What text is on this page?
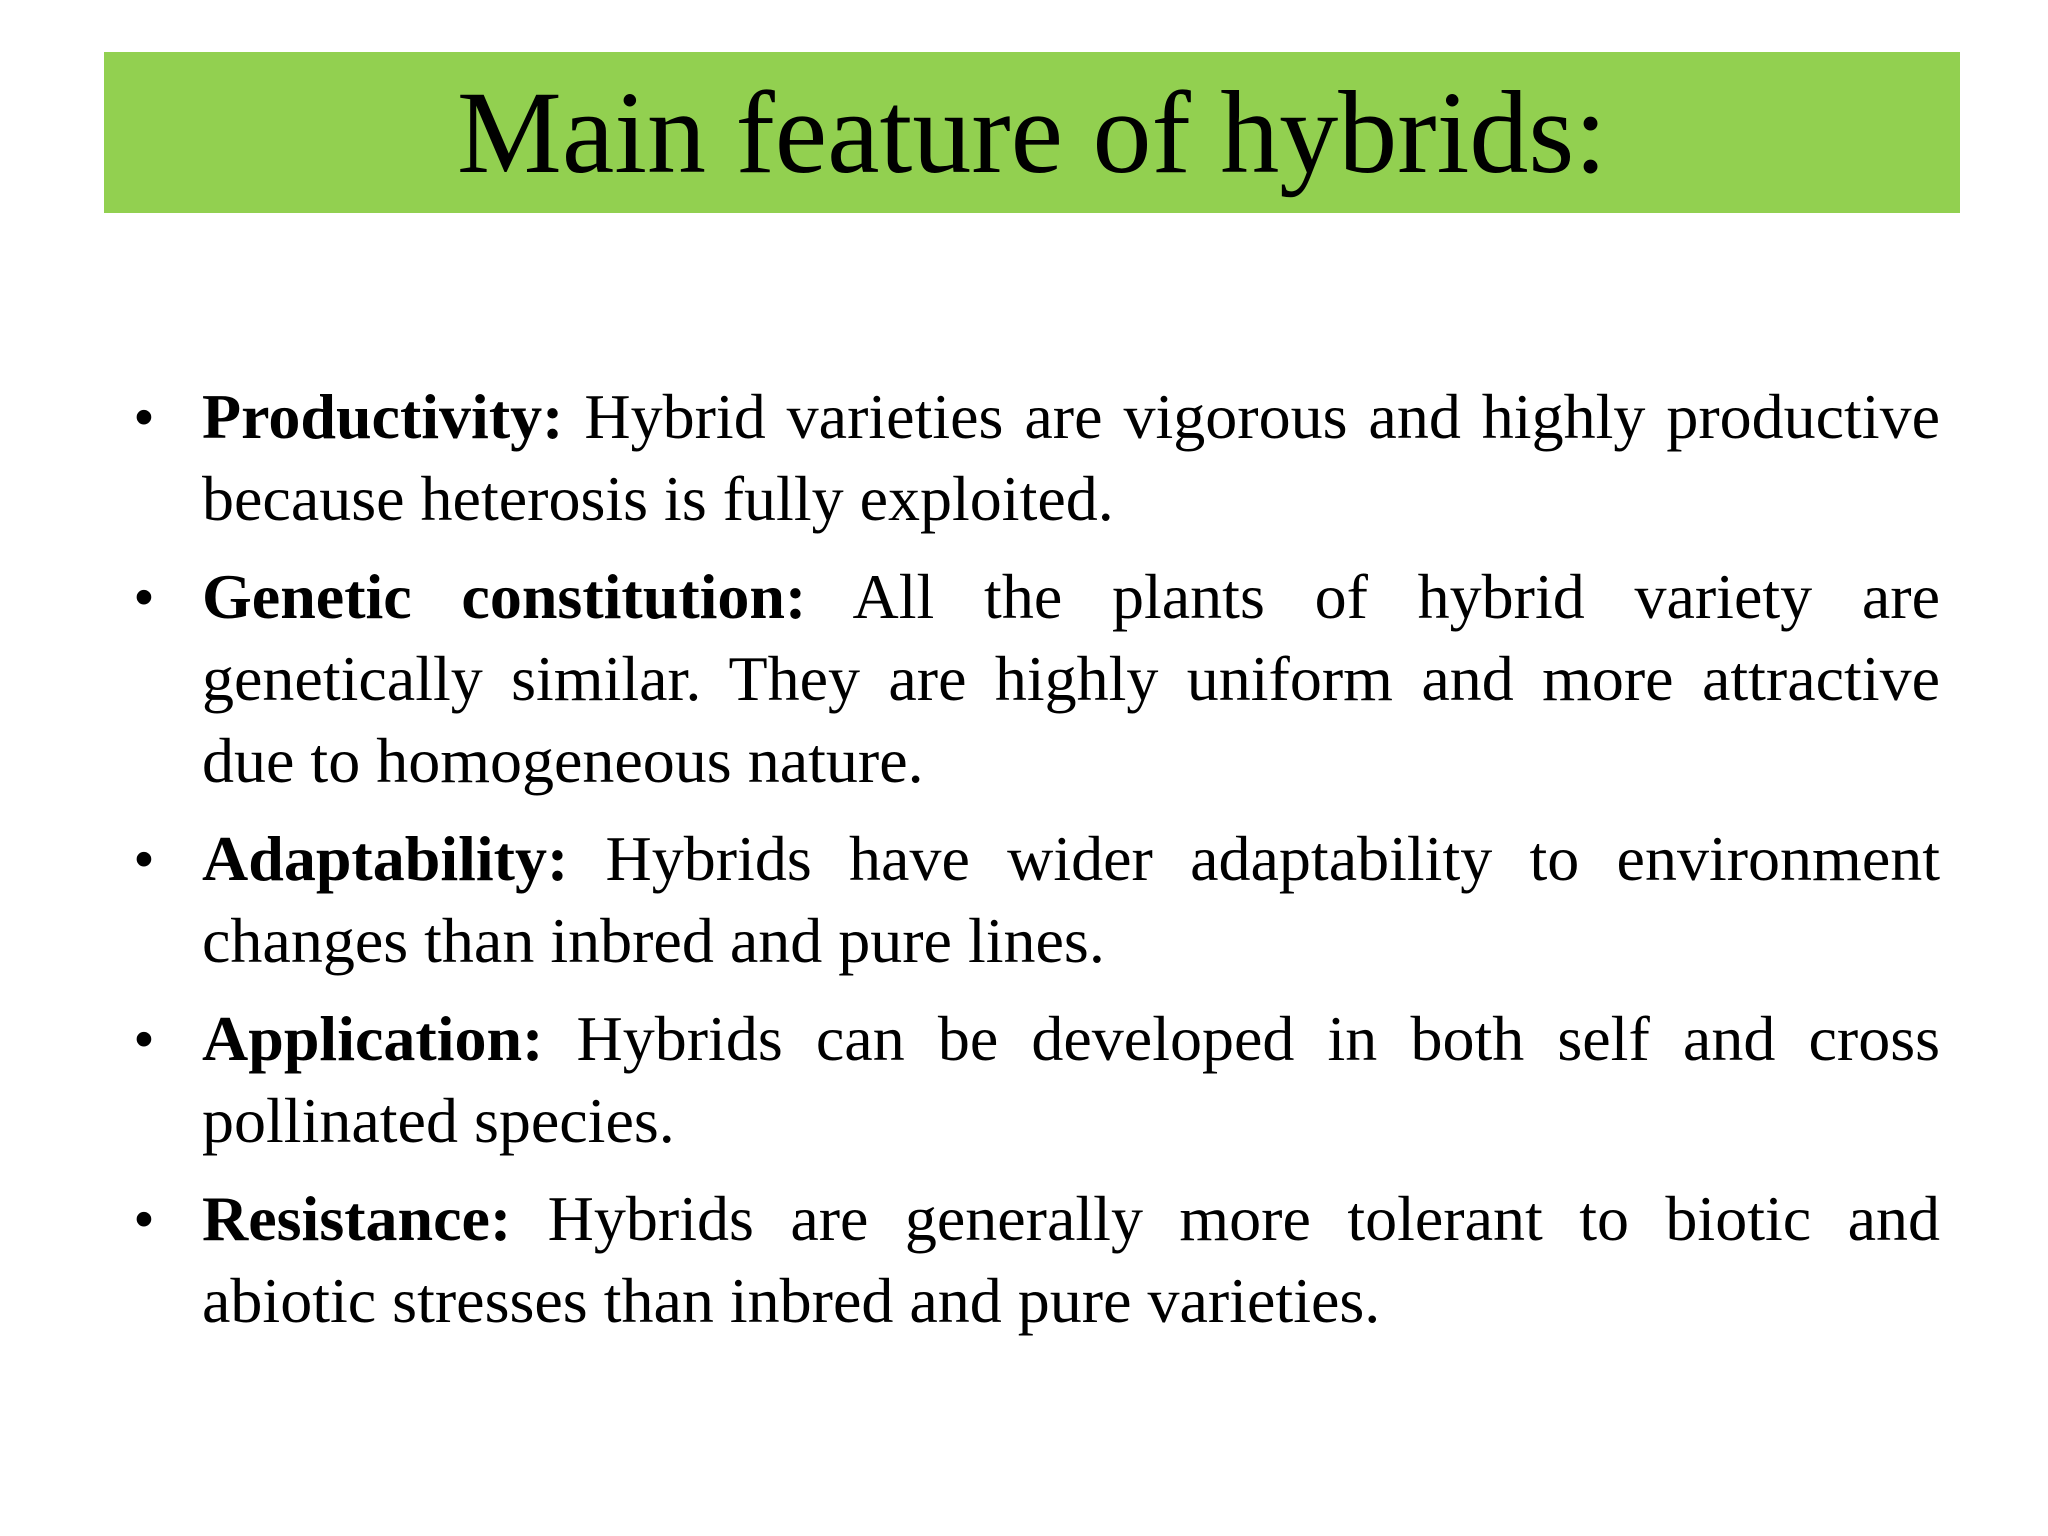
Main feature of hybrids:
• Productivity: Hybrid varieties are vigorous and highly productive because heterosis is fully exploited.
• Genetic constitution: All the plants of hybrid variety are genetically similar. They are highly uniform and more attractive due to homogeneous nature.
• Adaptability: Hybrids have wider adaptability to environment changes than inbred and pure lines.
• Application: Hybrids can be developed in both self and cross pollinated species.
• Resistance: Hybrids are generally more tolerant to biotic and abiotic stresses than inbred and pure varieties.
